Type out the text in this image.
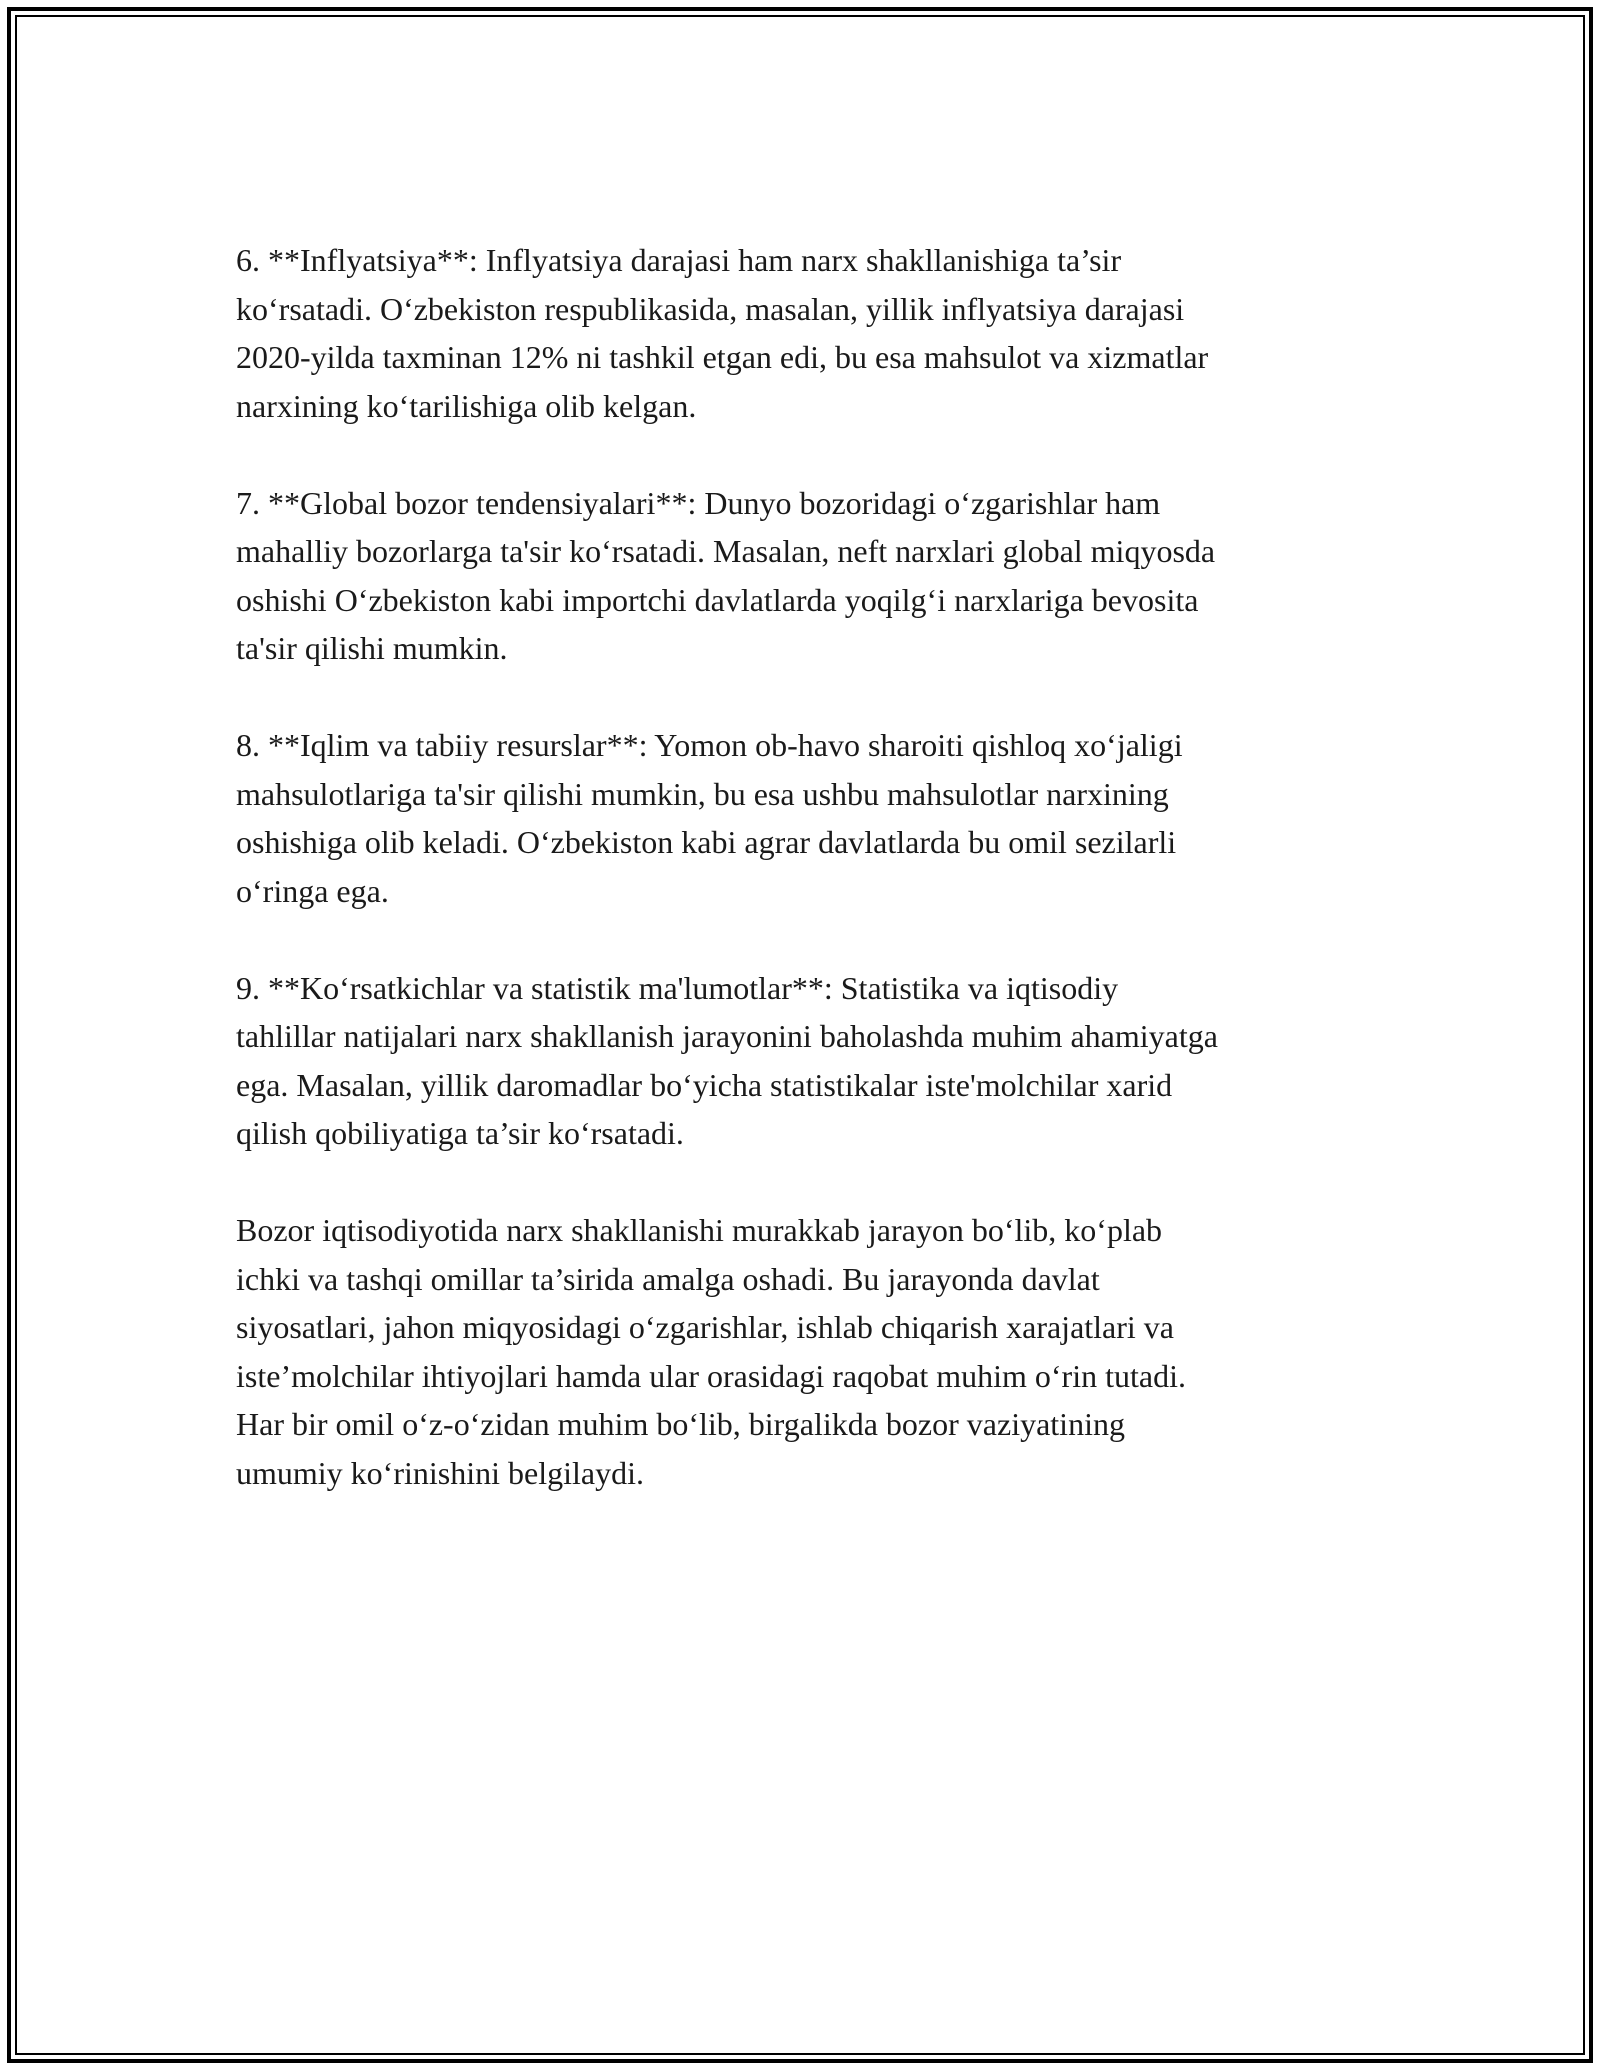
6. **Inflyatsiya**: Inflyatsiya darajasi ham narx shakllanishiga ta’sir
ko‘rsatadi. O‘zbekiston respublikasida, masalan, yillik inflyatsiya darajasi
2020-yilda taxminan 12% ni tashkil etgan edi, bu esa mahsulot va xizmatlar
narxining ko‘tarilishiga olib kelgan.

7. **Global bozor tendensiyalari**: Dunyo bozoridagi o‘zgarishlar ham
mahalliy bozorlarga ta'sir ko‘rsatadi. Masalan, neft narxlari global miqyosda
oshishi O‘zbekiston kabi importchi davlatlarda yoqilg‘i narxlariga bevosita
ta'sir qilishi mumkin.

8. **Iqlim va tabiiy resurslar**: Yomon ob-havo sharoiti qishloq xo‘jaligi
mahsulotlariga ta'sir qilishi mumkin, bu esa ushbu mahsulotlar narxining
oshishiga olib keladi. O‘zbekiston kabi agrar davlatlarda bu omil sezilarli
o‘ringa ega.

9. **Ko‘rsatkichlar va statistik ma'lumotlar**: Statistika va iqtisodiy
tahlillar natijalari narx shakllanish jarayonini baholashda muhim ahamiyatga
ega. Masalan, yillik daromadlar bo‘yicha statistikalar iste'molchilar xarid
qilish qobiliyatiga ta’sir ko‘rsatadi.

Bozor iqtisodiyotida narx shakllanishi murakkab jarayon bo‘lib, ko‘plab
ichki va tashqi omillar ta’sirida amalga oshadi. Bu jarayonda davlat
siyosatlari, jahon miqyosidagi o‘zgarishlar, ishlab chiqarish xarajatlari va
iste’molchilar ihtiyojlari hamda ular orasidagi raqobat muhim o‘rin tutadi.
Har bir omil o‘z-o‘zidan muhim bo‘lib, birgalikda bozor vaziyatining
umumiy ko‘rinishini belgilaydi.
